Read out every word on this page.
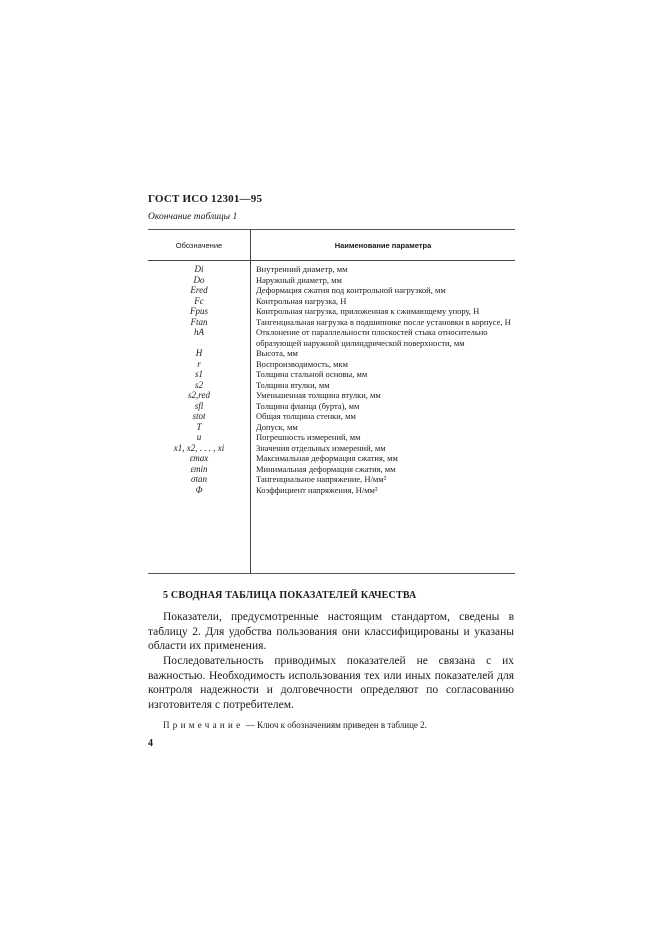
ГОСТ ИСО 12301—95
Окончание таблицы 1
Обозначение	Наименование параметра
Di	Внутренний диаметр, мм
Do	Наружный диаметр, мм
Ered	Деформация сжатия под контрольной нагрузкой, мм
Fc	Контрольная нагрузка, Н
Fpus	Контрольная нагрузка, приложенная к сжимающему упору, Н
Ftan	Тангенциальная нагрузка в подшипнике после установки в корпусе, Н
hA	Отклонение от параллельности плоскостей стыка относительно образующей наружной цилиндрической поверхности, мм
H	Высота, мм
r	Воспроизводимость, мкм
s1	Толщина стальной основы, мм
s2	Толщина втулки, мм
s2,red	Уменьшенная толщина втулки, мм
sfl	Толщина фланца (бурта), мм
stot	Общая толщина стенки, мм
T	Допуск, мм
u	Погрешность измерений, мм
x1, x2, . . . , xi	Значения отдельных измерений, мм
εmax	Максимальная деформация сжатия, мм
εmin	Минимальная деформация сжатия, мм
σtan	Тангенциальное напряжение, Н/мм²
Φ	Коэффициент напряжения, Н/мм²
5 СВОДНАЯ ТАБЛИЦА ПОКАЗАТЕЛЕЙ КАЧЕСТВА
Показатели, предусмотренные настоящим стандартом, сведены в таблицу 2. Для удобства пользования они классифицированы и указаны области их применения.
Последовательность приводимых показателей не связана с их важностью. Необходимость использования тех или иных показателей для контроля надежности и долговечности определяют по согласованию изготовителя с потребителем.
Примечание — Ключ к обозначениям приведен в таблице 2.
4
